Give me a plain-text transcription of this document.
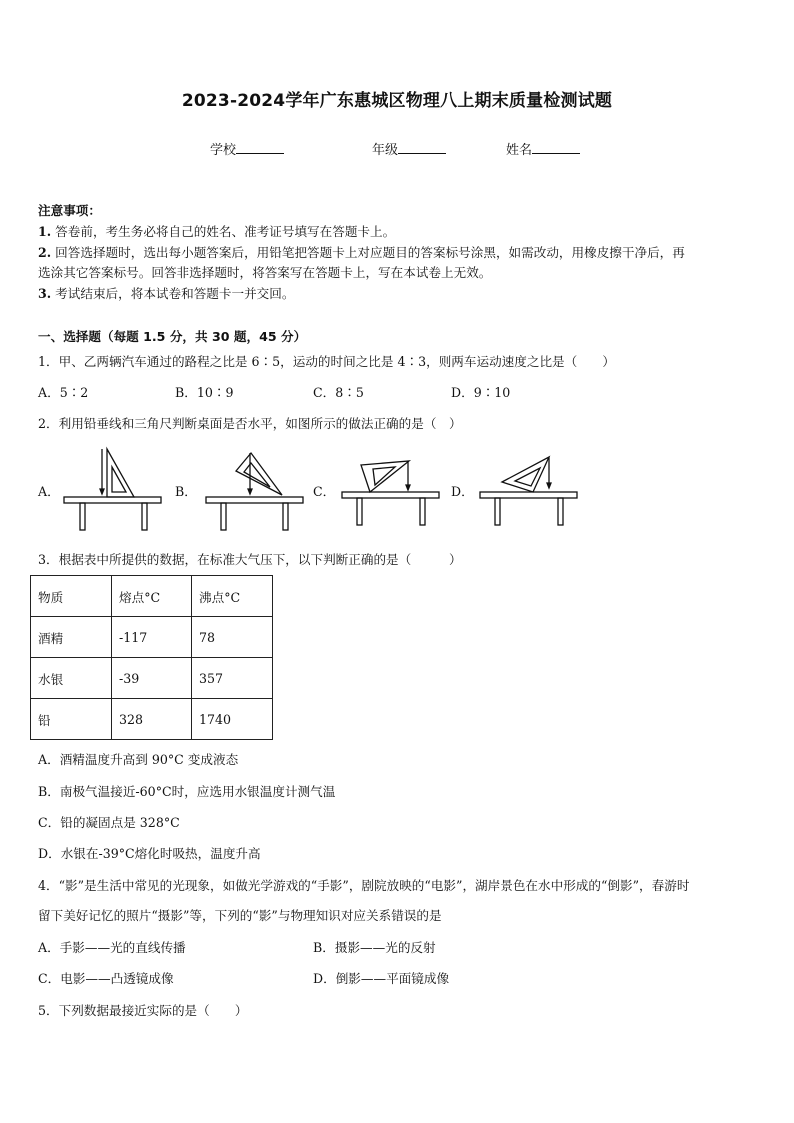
2023-2024学年广东惠城区物理八上期末质量检测试题
学校	年级	姓名
注意事项：
1. 答卷前，考生务必将自己的姓名、准考证号填写在答题卡上。
2. 回答选择题时，选出每小题答案后，用铅笔把答题卡上对应题目的答案标号涂黑，如需改动，用橡皮擦干净后，再
选涂其它答案标号。回答非选择题时，将答案写在答题卡上，写在本试卷上无效。
3. 考试结束后，将本试卷和答题卡一并交回。
一、选择题（每题 1.5 分，共 30 题，45 分）
1．甲、乙两辆汽车通过的路程之比是 6∶5，运动的时间之比是 4∶3，则两车运动速度之比是（　　）
A．5∶2	B．10∶9	C．8∶5	D．9∶10
2．利用铅垂线和三角尺判断桌面是否水平，如图所示的做法正确的是（　）
A．	B．	C．	D．
3．根据表中所提供的数据，在标准大气压下，以下判断正确的是（　　　）
物质	熔点°C	沸点°C
酒精	-117	78
水银	-39	357
铅	328	1740
A．酒精温度升高到 90°C 变成液态
B．南极气温接近-60°C时，应选用水银温度计测气温
C．铅的凝固点是 328°C
D．水银在-39°C熔化时吸热，温度升高
4．“影”是生活中常见的光现象，如做光学游戏的“手影”，剧院放映的“电影”，湖岸景色在水中形成的“倒影”，春游时
留下美好记忆的照片“摄影”等，下列的“影”与物理知识对应关系错误的是
A．手影——光的直线传播	B．摄影——光的反射
C．电影——凸透镜成像	D．倒影——平面镜成像
5．下列数据最接近实际的是（　　）
